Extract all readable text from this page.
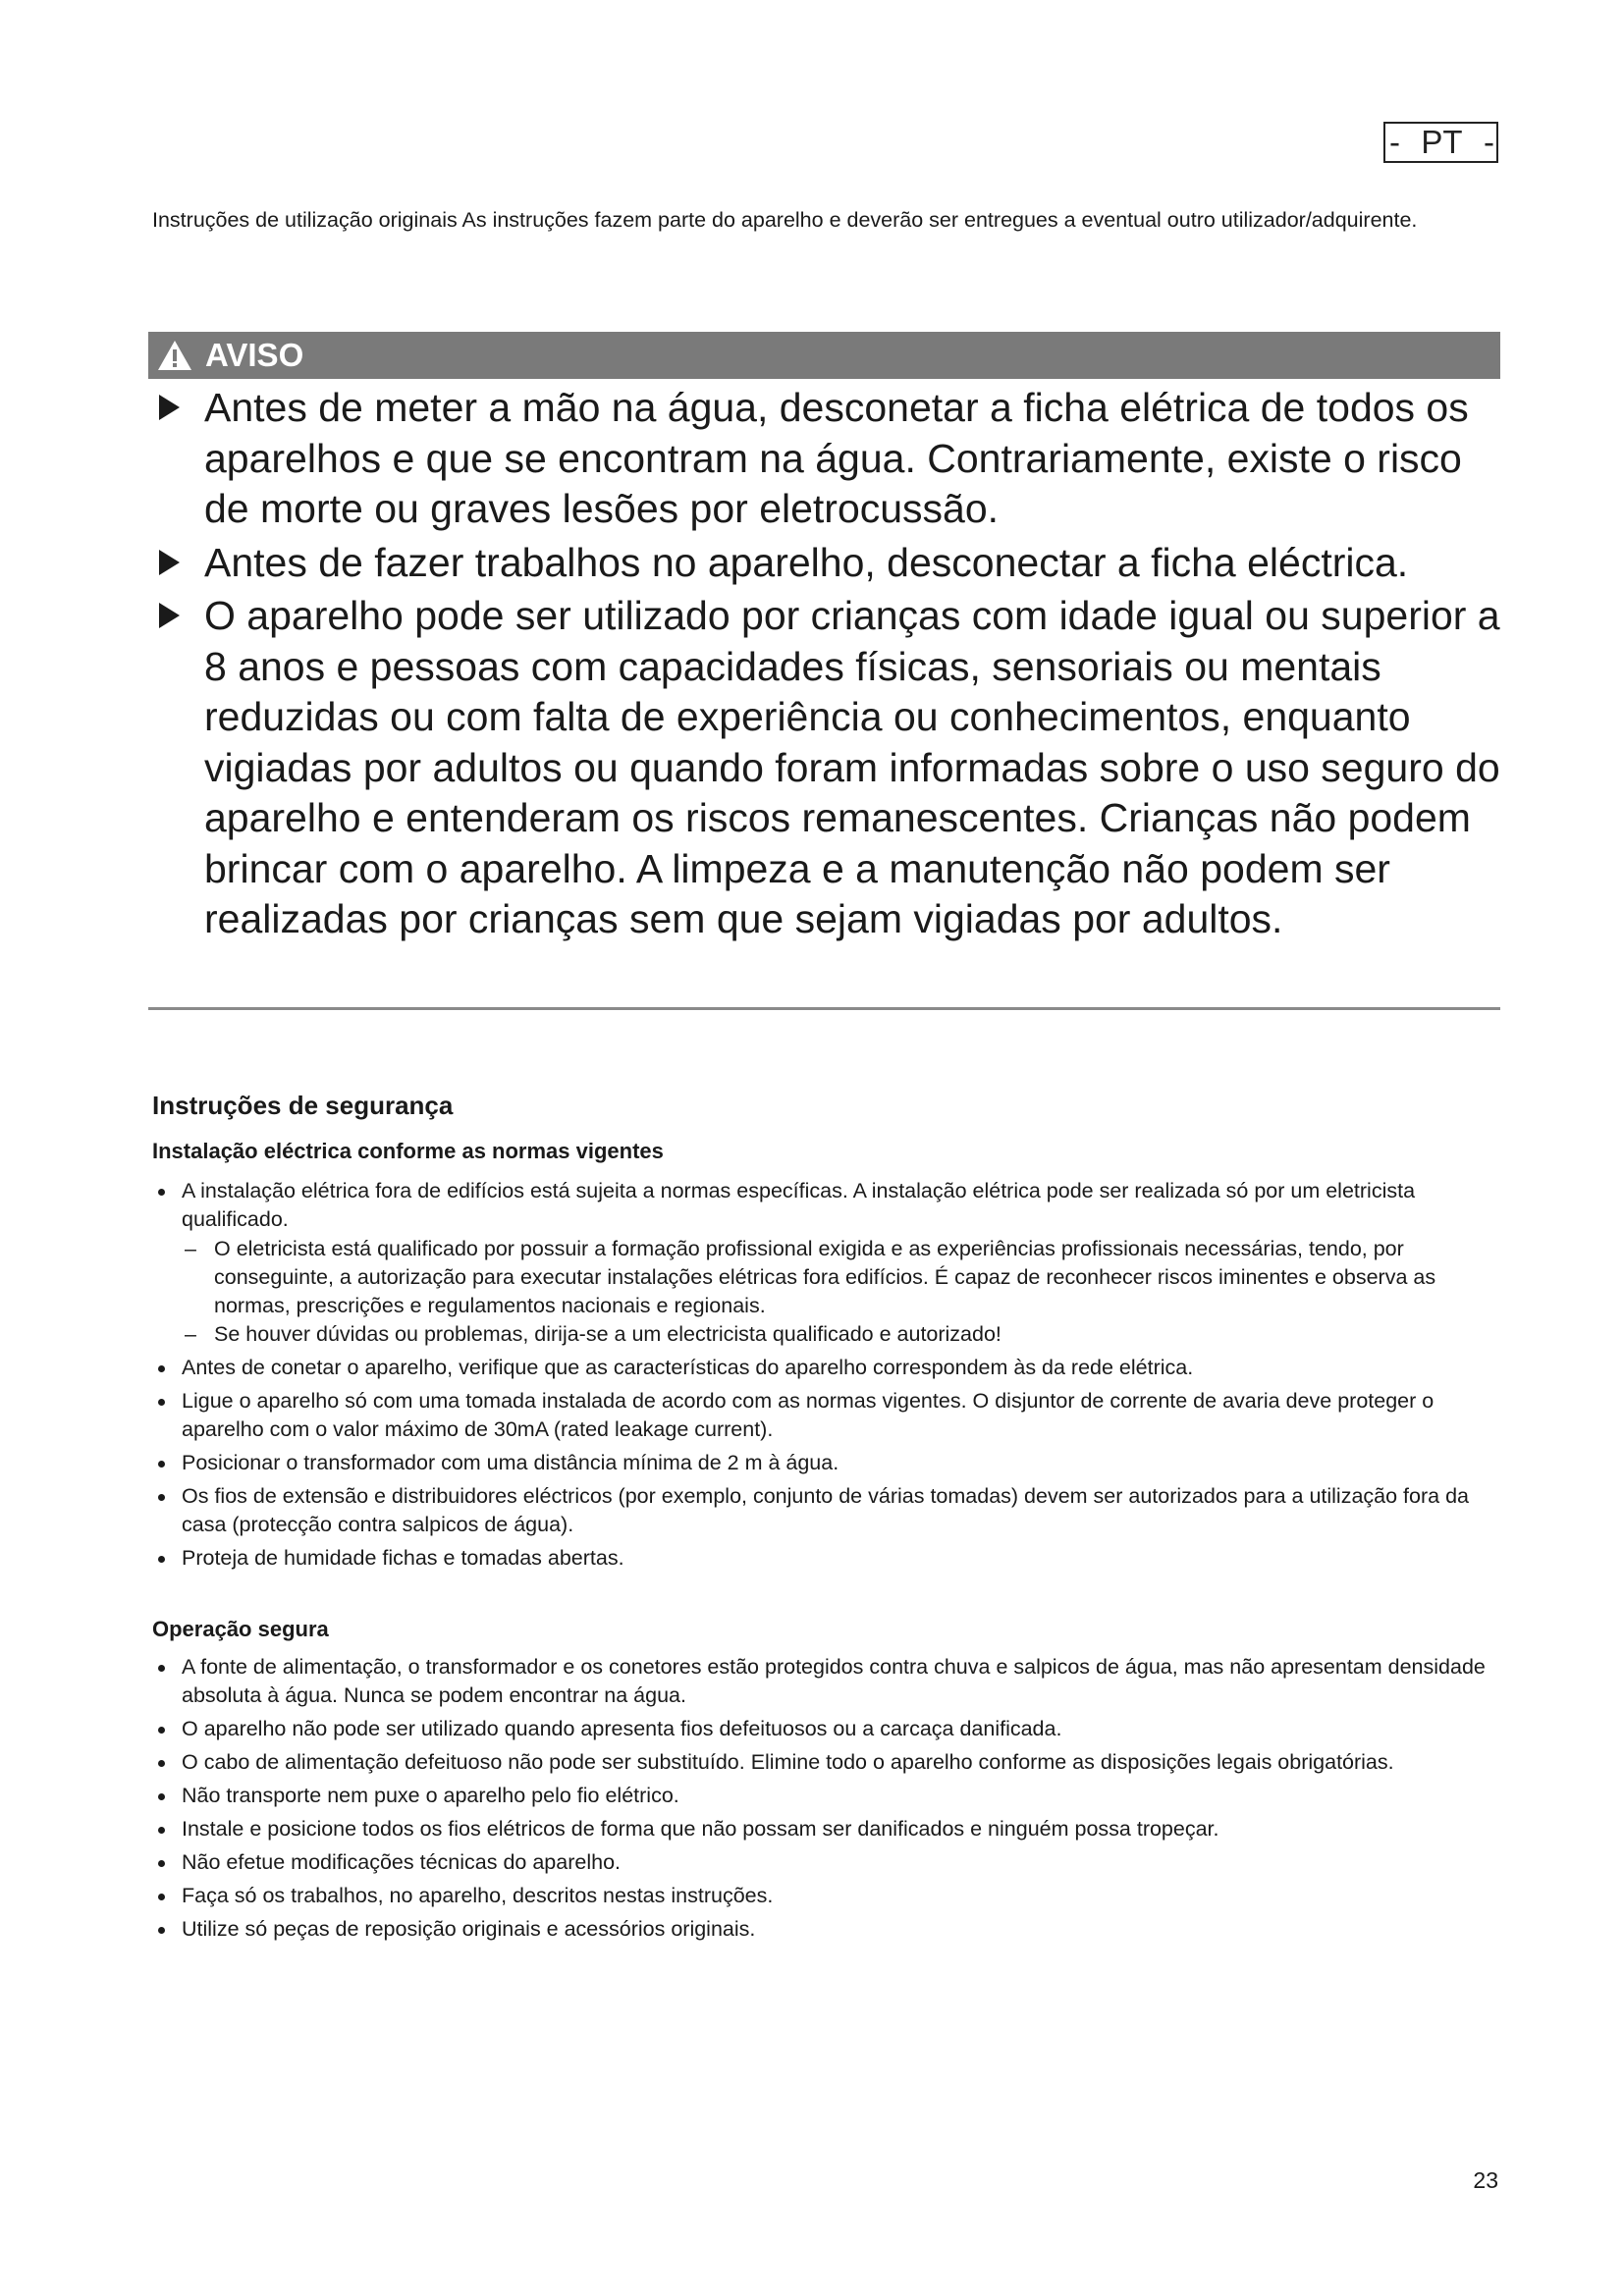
- PT -

Instruções de utilização originais As instruções fazem parte do aparelho e deverão ser entregues a eventual outro utilizador/adquirente.

AVISO
Antes de meter a mão na água, desconetar a ficha elétrica de todos os aparelhos e que se encontram na água. Contrariamente, existe o risco de morte ou graves lesões por eletrocussão.
Antes de fazer trabalhos no aparelho, desconectar a ficha eléctrica.
O aparelho pode ser utilizado por crianças com idade igual ou superior a 8 anos e pessoas com capacidades físicas, sensoriais ou mentais reduzidas ou com falta de experiência ou conhecimentos, enquanto vigiadas por adultos ou quando foram informadas sobre o uso seguro do aparelho e entenderam os riscos remanescentes. Crianças não podem brincar com o aparelho. A limpeza e a manutenção não podem ser realizadas por crianças sem que sejam vigiadas por adultos.
Instruções de segurança
Instalação eléctrica conforme as normas vigentes
A instalação elétrica fora de edifícios está sujeita a normas específicas. A instalação elétrica pode ser realizada só por um eletricista qualificado.
– O eletricista está qualificado por possuir a formação profissional exigida e as experiências profissionais necessárias, tendo, por conseguinte, a autorização para executar instalações elétricas fora edifícios. É capaz de reconhecer riscos iminentes e observa as normas, prescrições e regulamentos nacionais e regionais.
– Se houver dúvidas ou problemas, dirija-se a um electricista qualificado e autorizado!
Antes de conetar o aparelho, verifique que as características do aparelho correspondem às da rede elétrica.
Ligue o aparelho só com uma tomada instalada de acordo com as normas vigentes. O disjuntor de corrente de avaria deve proteger o aparelho com o valor máximo de 30mA (rated leakage current).
Posicionar o transformador com uma distância mínima de 2 m à água.
Os fios de extensão e distribuidores eléctricos (por exemplo, conjunto de várias tomadas) devem ser autorizados para a utilização fora da casa (protecção contra salpicos de água).
Proteja de humidade fichas e tomadas abertas.
Operação segura
A fonte de alimentação, o transformador e os conetores estão protegidos contra chuva e salpicos de água, mas não apresentam densidade absoluta à água. Nunca se podem encontrar na água.
O aparelho não pode ser utilizado quando apresenta fios defeituosos ou a carcaça danificada.
O cabo de alimentação defeituoso não pode ser substituído. Elimine todo o aparelho conforme as disposições legais obrigatórias.
Não transporte nem puxe o aparelho pelo fio elétrico.
Instale e posicione todos os fios elétricos de forma que não possam ser danificados e ninguém possa tropeçar.
Não efetue modificações técnicas do aparelho.
Faça só os trabalhos, no aparelho, descritos nestas instruções.
Utilize só peças de reposição originais e acessórios originais.
23
